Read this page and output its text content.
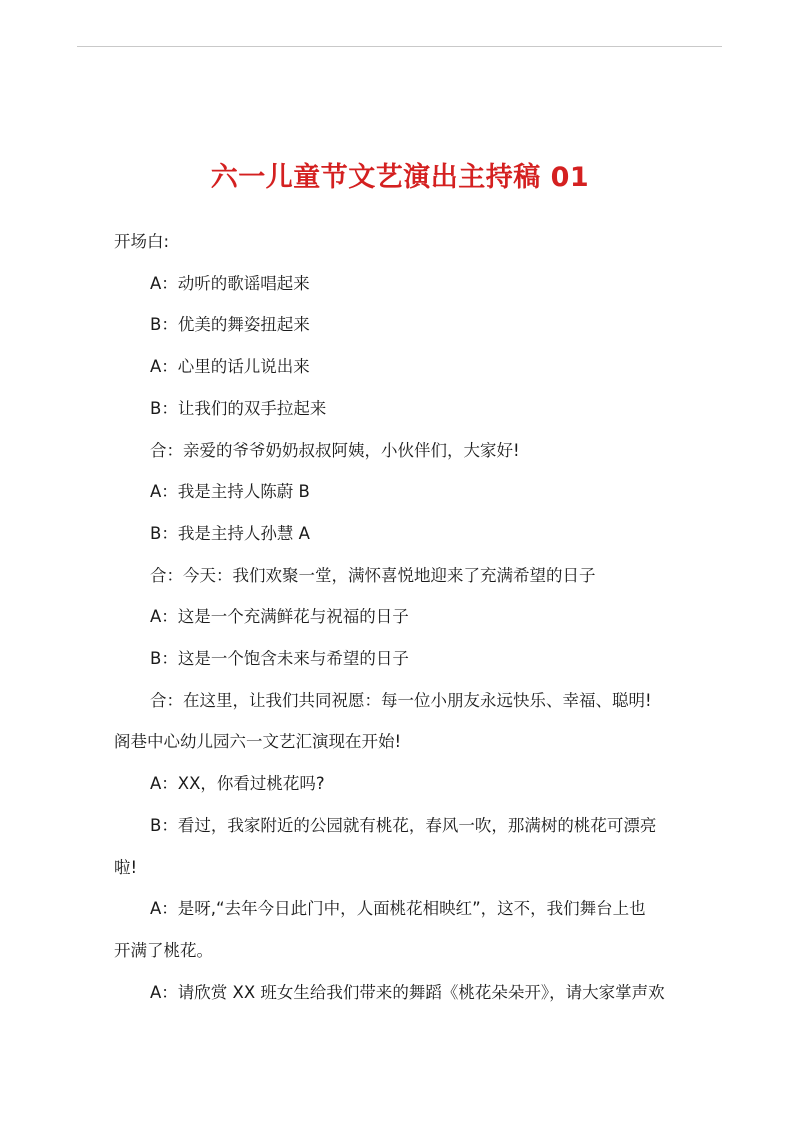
六一儿童节文艺演出主持稿 01

开场白:

A：动听的歌谣唱起来

B：优美的舞姿扭起来

A：心里的话儿说出来

B：让我们的双手拉起来

合：亲爱的爷爷奶奶叔叔阿姨，小伙伴们，大家好!

A：我是主持人陈蔚 B

B：我是主持人孙慧 A

合：今天：我们欢聚一堂，满怀喜悦地迎来了充满希望的日子

A：这是一个充满鲜花与祝福的日子

B：这是一个饱含未来与希望的日子

合：在这里，让我们共同祝愿：每一位小朋友永远快乐、幸福、聪明!

阁巷中心幼儿园六一文艺汇演现在开始!

A：XX，你看过桃花吗?

B：看过，我家附近的公园就有桃花，春风一吹，那满树的桃花可漂亮

啦!

A：是呀,“去年今日此门中，人面桃花相映红”，这不，我们舞台上也

开满了桃花。

A：请欣赏 XX 班女生给我们带来的舞蹈《桃花朵朵开》，请大家掌声欢
